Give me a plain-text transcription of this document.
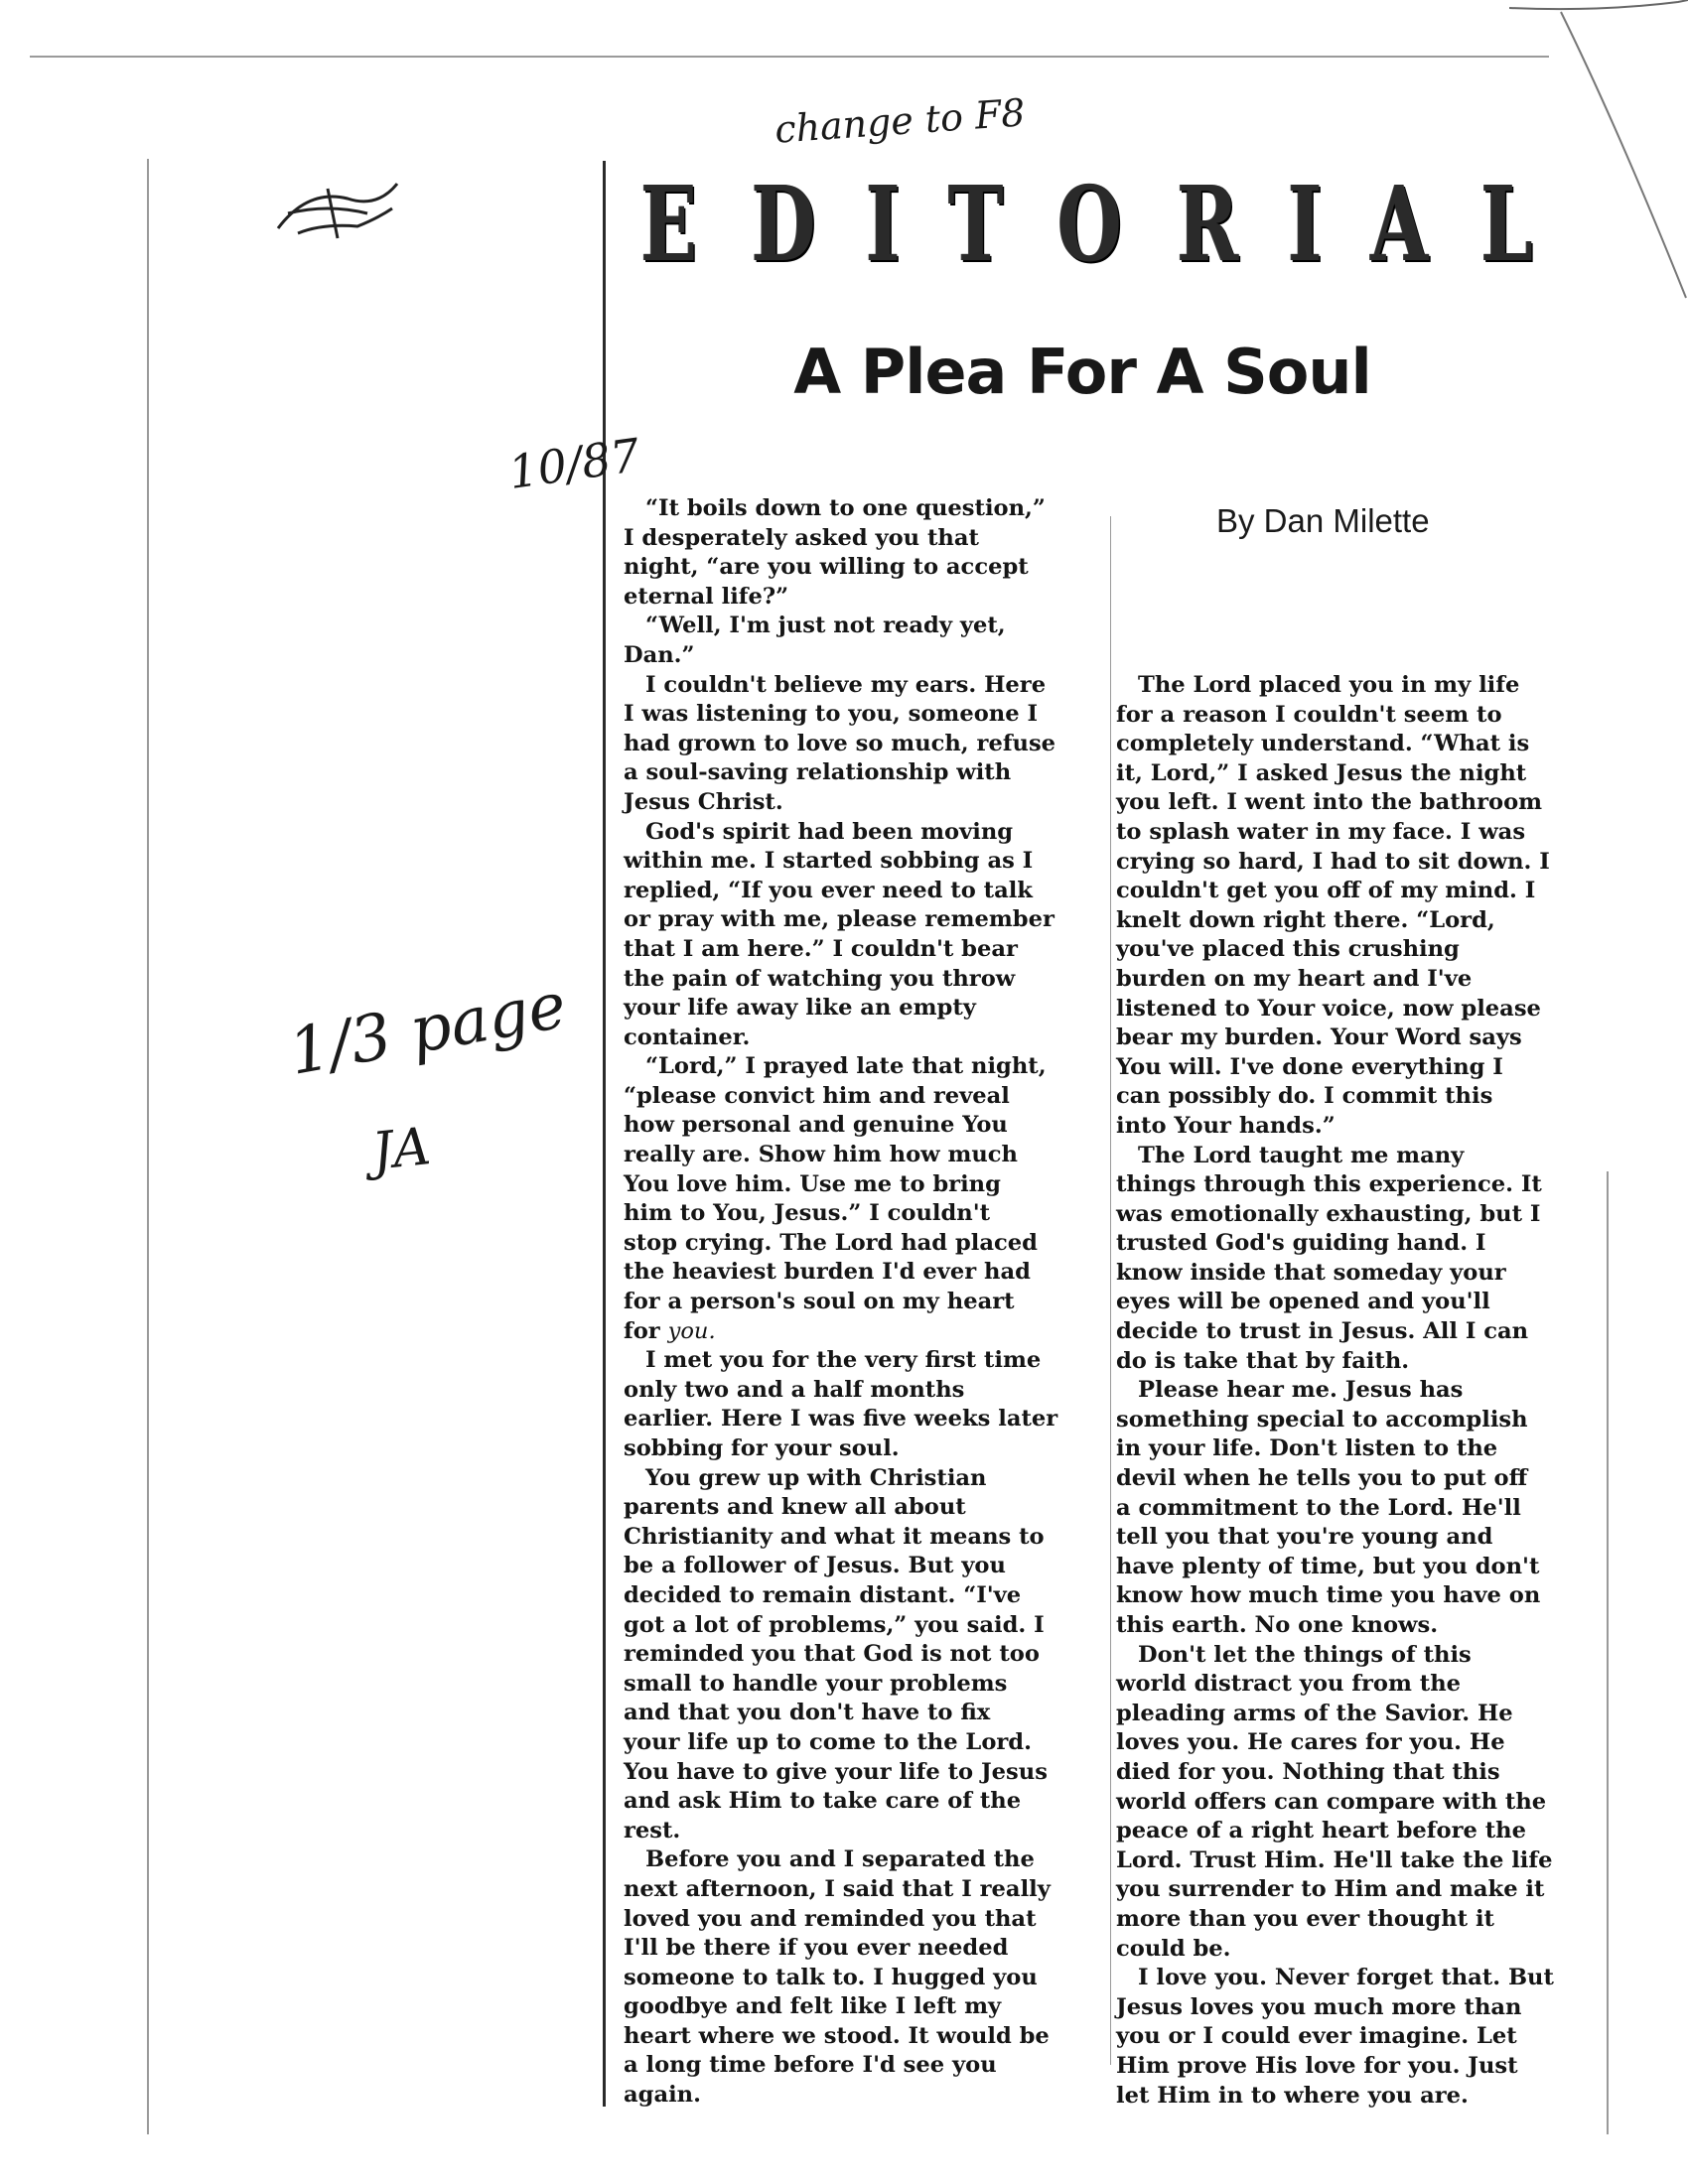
change to F8
10/87
1/3 page
JA
E D I T O R I A L
A Plea For A Soul
By Dan Milette

“It boils down to one question,”

I desperately asked you that
night, “are you willing to accept
eternal life?”

“Well, I'm just not ready yet,

Dan.”

I couldn't believe my ears. Here

I was listening to you, someone I
had grown to love so much, refuse
a soul-saving relationship with
Jesus Christ.

God's spirit had been moving

within me. I started sobbing as I
replied, “If you ever need to talk
or pray with me, please remember
that I am here.” I couldn't bear
the pain of watching you throw
your life away like an empty
container.

“Lord,” I prayed late that night,

“please convict him and reveal
how personal and genuine You
really are. Show him how much
You love him. Use me to bring
him to You, Jesus.” I couldn't
stop crying. The Lord had placed
the heaviest burden I'd ever had
for a person's soul on my heart

for you.

I met you for the very first time

only two and a half months
earlier. Here I was five weeks later
sobbing for your soul.

You grew up with Christian

parents and knew all about
Christianity and what it means to
be a follower of Jesus. But you
decided to remain distant. “I've
got a lot of problems,” you said. I
reminded you that God is not too
small to handle your problems
and that you don't have to fix
your life up to come to the Lord.
You have to give your life to Jesus
and ask Him to take care of the
rest.

Before you and I separated the

next afternoon, I said that I really
loved you and reminded you that
I'll be there if you ever needed
someone to talk to. I hugged you
goodbye and felt like I left my
heart where we stood. It would be
a long time before I'd see you
again.

The Lord placed you in my life

for a reason I couldn't seem to
completely understand. “What is
it, Lord,” I asked Jesus the night
you left. I went into the bathroom
to splash water in my face. I was
crying so hard, I had to sit down. I
couldn't get you off of my mind. I
knelt down right there. “Lord,
you've placed this crushing
burden on my heart and I've
listened to Your voice, now please
bear my burden. Your Word says
You will. I've done everything I
can possibly do. I commit this
into Your hands.”

The Lord taught me many

things through this experience. It
was emotionally exhausting, but I
trusted God's guiding hand. I
know inside that someday your
eyes will be opened and you'll
decide to trust in Jesus. All I can
do is take that by faith.

Please hear me. Jesus has

something special to accomplish
in your life. Don't listen to the
devil when he tells you to put off
a commitment to the Lord. He'll
tell you that you're young and
have plenty of time, but you don't
know how much time you have on
this earth. No one knows.

Don't let the things of this

world distract you from the
pleading arms of the Savior. He
loves you. He cares for you. He
died for you. Nothing that this
world offers can compare with the
peace of a right heart before the
Lord. Trust Him. He'll take the life
you surrender to Him and make it
more than you ever thought it
could be.

I love you. Never forget that. But

Jesus loves you much more than
you or I could ever imagine. Let
Him prove His love for you. Just
let Him in to where you are.
